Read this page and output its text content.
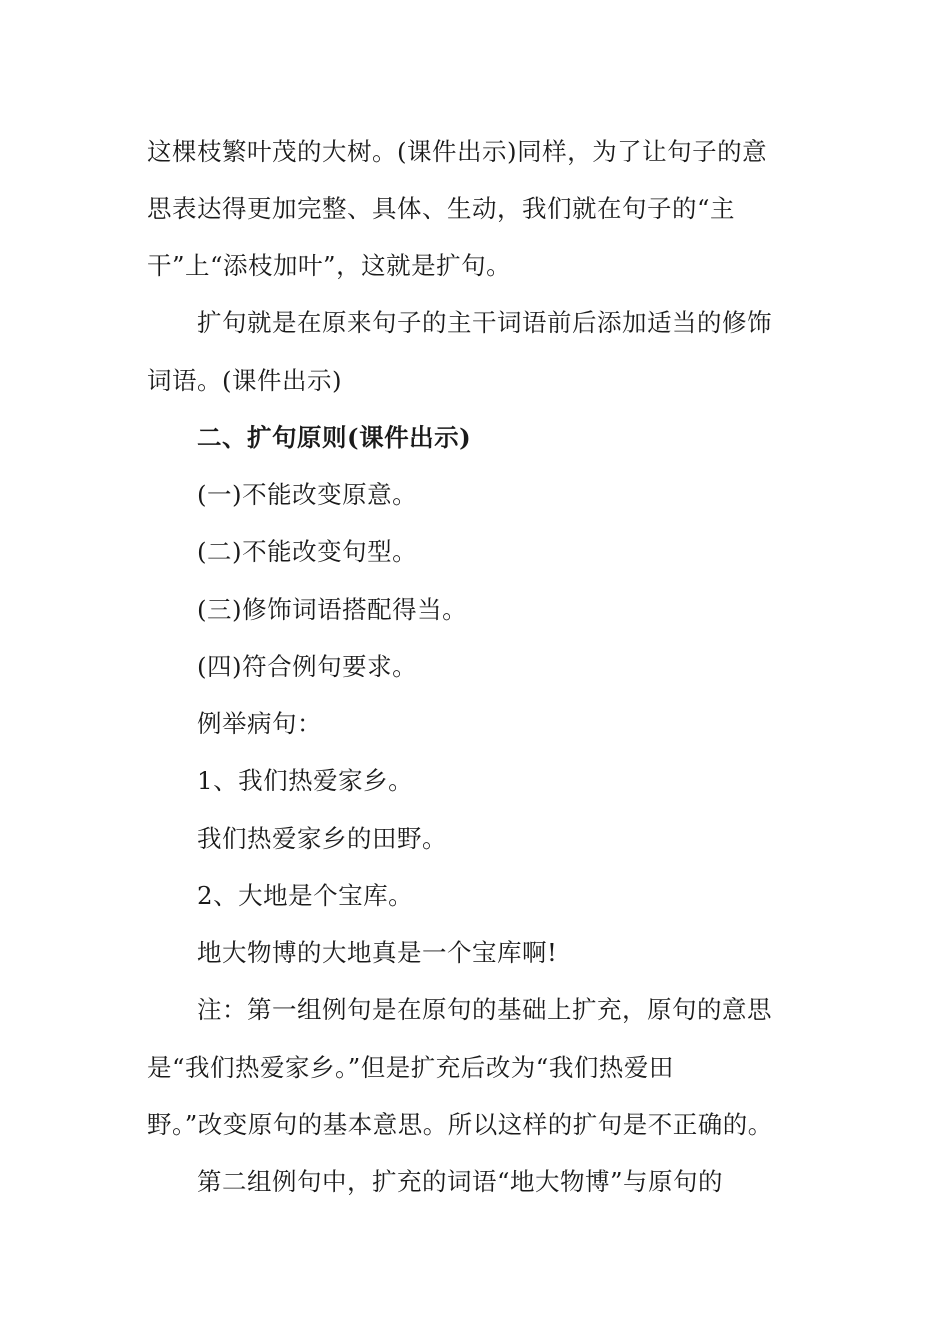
这棵枝繁叶茂的大树。(课件出示)同样，为了让句子的意
思表达得更加完整、具体、生动，我们就在句子的“主
干”上“添枝加叶”，这就是扩句。
扩句就是在原来句子的主干词语前后添加适当的修饰
词语。(课件出示)
二、扩句原则(课件出示)
(一)不能改变原意。
(二)不能改变句型。
(三)修饰词语搭配得当。
(四)符合例句要求。
例举病句：
1、我们热爱家乡。
我们热爱家乡的田野。
2、大地是个宝库。
地大物博的大地真是一个宝库啊!
注：第一组例句是在原句的基础上扩充，原句的意思
是“我们热爱家乡。”但是扩充后改为“我们热爱田
野。”改变原句的基本意思。所以这样的扩句是不正确的。
第二组例句中，扩充的词语“地大物博”与原句的
